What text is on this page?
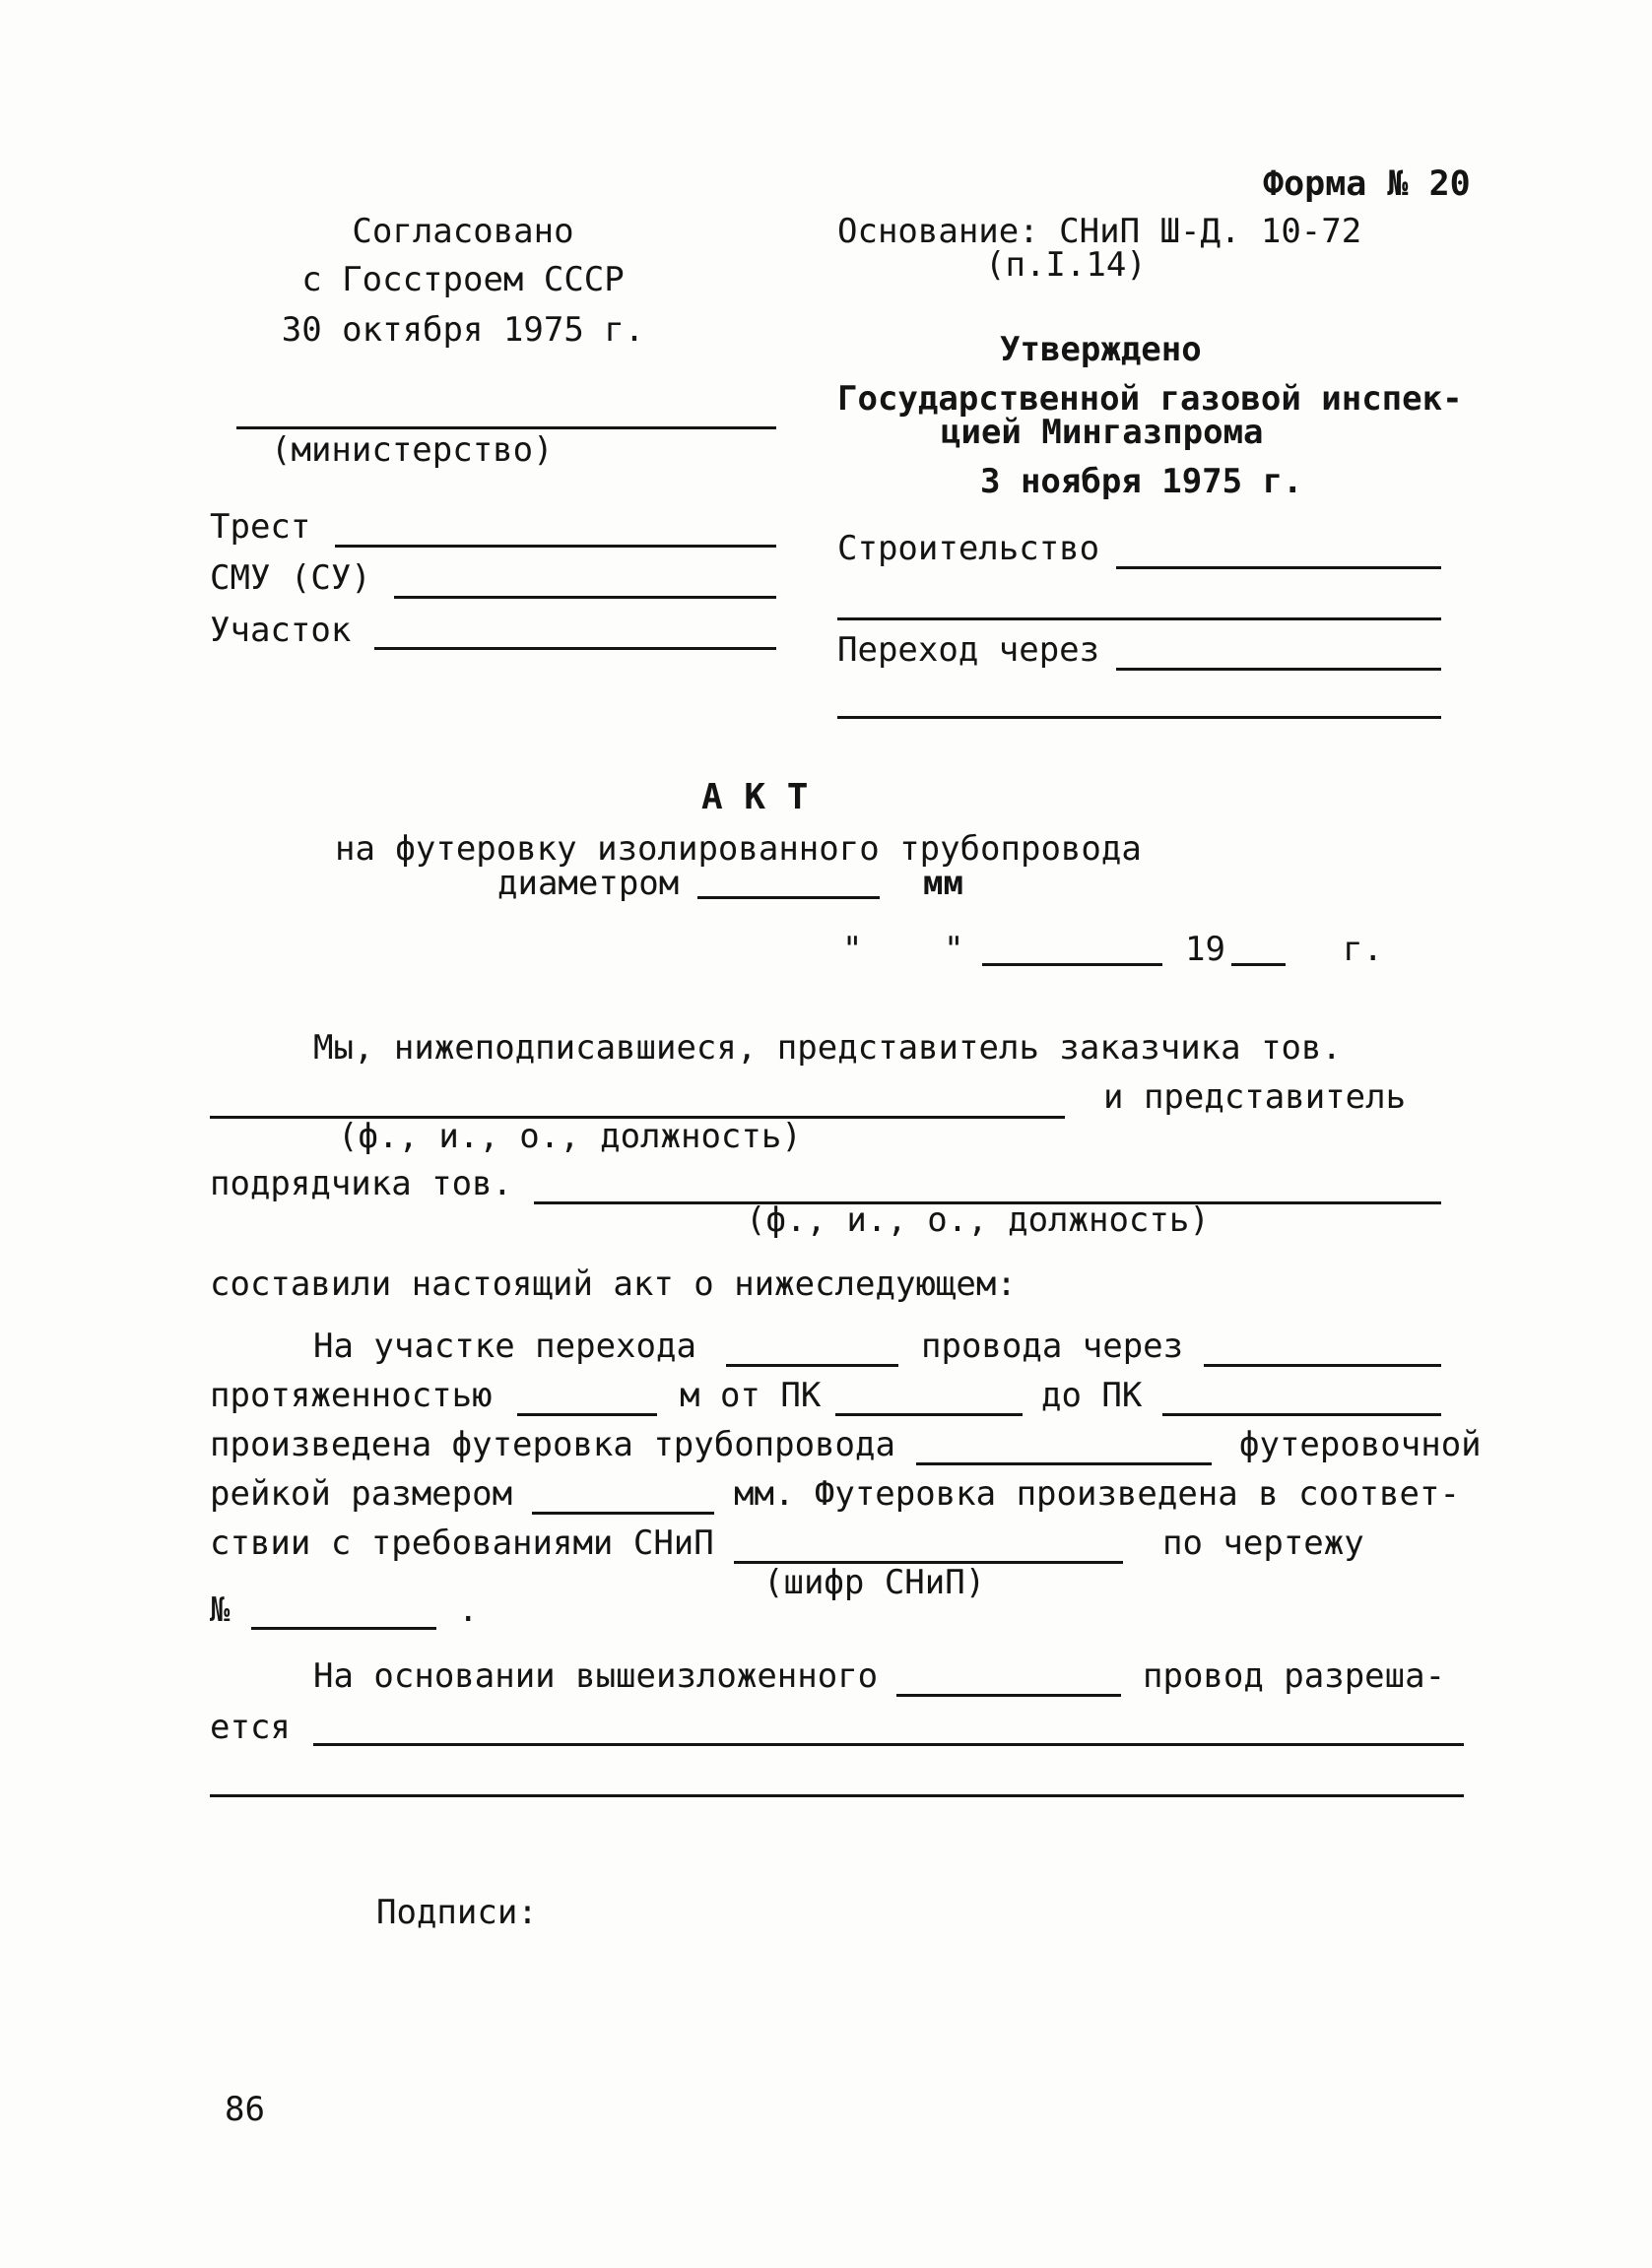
Форма № 20
Согласовано
с Госстроем СССР
30 октября 1975 г.
Основание: СНиП Ш-Д. 10-72
(п.I.14)
Утверждено
Государственной газовой инспек-
цией Мингазпрома
3 ноября 1975 г.
(министерство)
Трест
СМУ (СУ)
Участок
Строительство
Переход через
А К Т
на футеровку изолированного трубопровода
диаметром	мм
" "	19	г.
Мы, нижеподписавшиеся, представитель заказчика тов.
и представитель
(ф., и., о., должность)
подрядчика тов.
(ф., и., о., должность)
составили настоящий акт о нижеследующем:
На участке перехода	провода через
протяженностью	м от ПК	до ПК
произведена футеровка трубопровода	футеровочной
рейкой размером	мм. Футеровка произведена в соответ-
ствии с требованиями СНиП	по чертежу
(шифр СНиП)
№	.
На основании вышеизложенного	провод разреша-
ется
Подписи:
86
